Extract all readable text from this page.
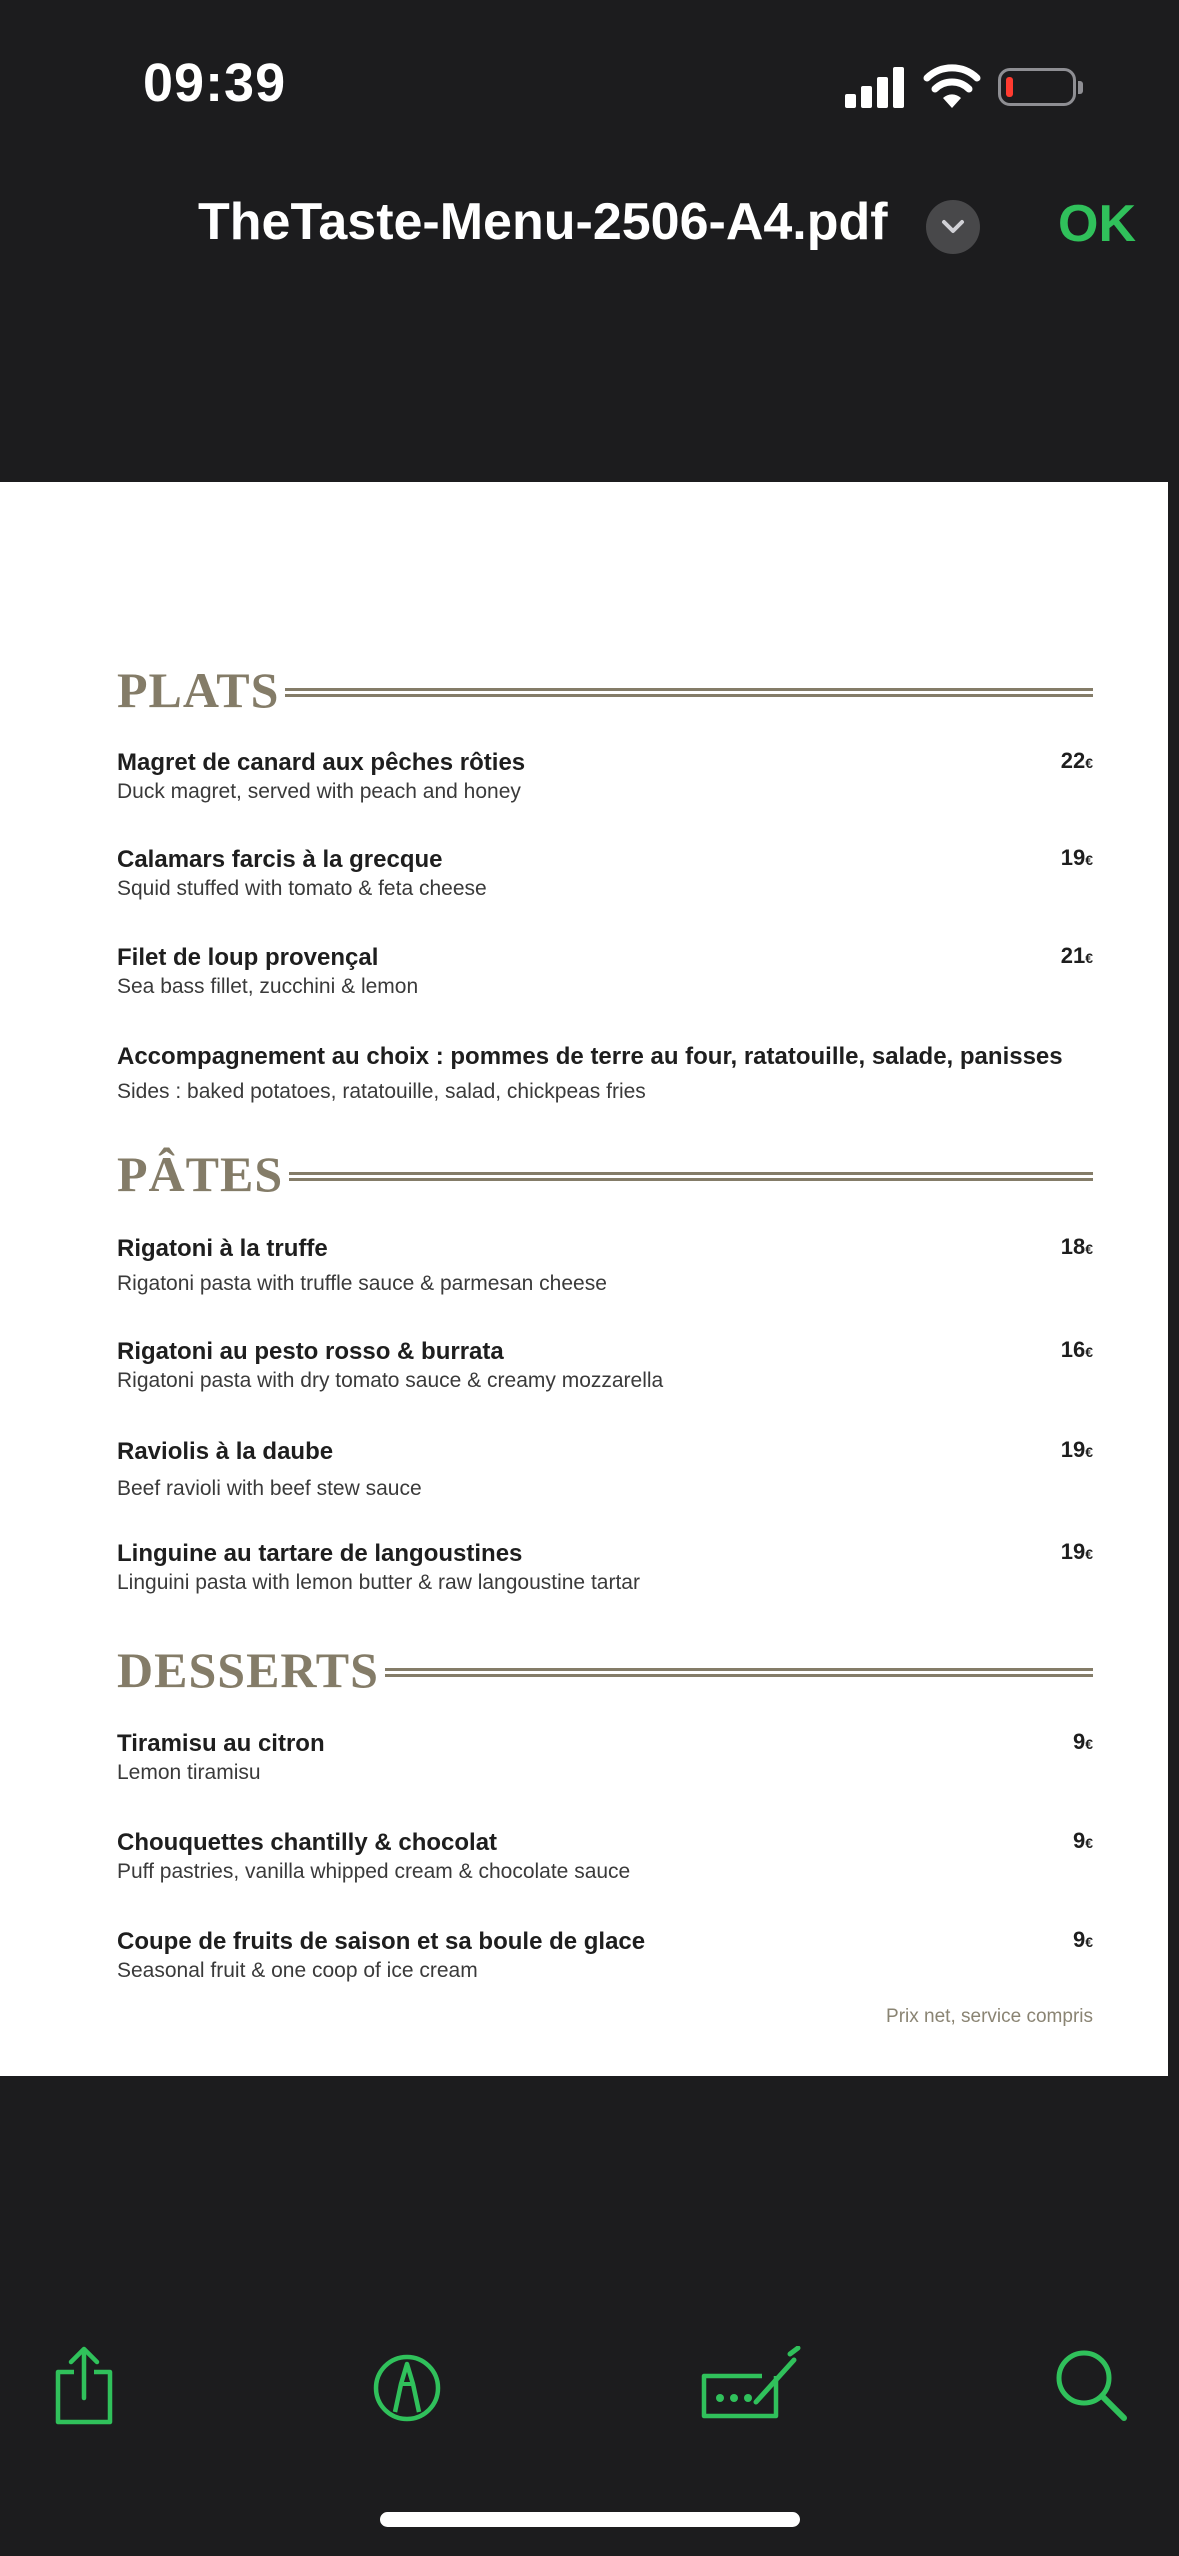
09:39
TheTaste-Menu-2506-A4.pdf	OK
PLATS
Magret de canard aux pêches rôties
Duck magret, served with peach and honey
22€
Calamars farcis à la grecque
Squid stuffed with tomato & feta cheese
19€
Filet de loup provençal
Sea bass fillet, zucchini & lemon
21€
Accompagnement au choix : pommes de terre au four, ratatouille, salade, panisses
Sides : baked potatoes, ratatouille, salad, chickpeas fries
PÂTES
Rigatoni à la truffe
Rigatoni pasta with truffle sauce & parmesan cheese
18€
Rigatoni au pesto rosso & burrata
Rigatoni pasta with dry tomato sauce & creamy mozzarella
16€
Raviolis à la daube
Beef ravioli with beef stew sauce
19€
Linguine au tartare de langoustines
Linguini pasta with lemon butter & raw langoustine tartar
19€
DESSERTS
Tiramisu au citron
Lemon tiramisu
9€
Chouquettes chantilly & chocolat
Puff pastries, vanilla whipped cream & chocolate sauce
9€
Coupe de fruits de saison et sa boule de glace
Seasonal fruit & one coop of ice cream
9€
Prix net, service compris
